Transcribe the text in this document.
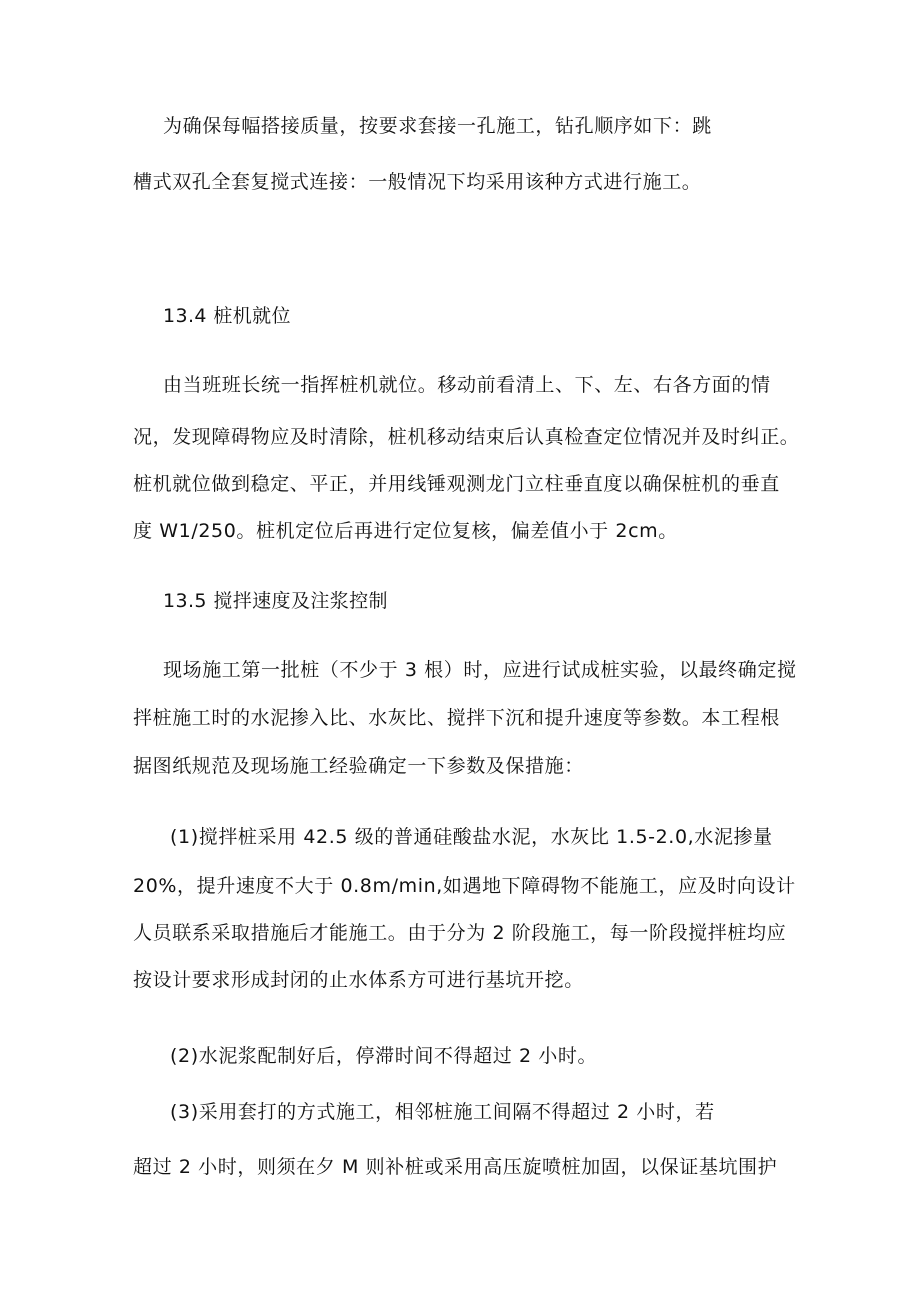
为确保每幅搭接质量，按要求套接一孔施工，钻孔顺序如下：跳
槽式双孔全套复搅式连接：一般情况下均采用该种方式进行施工。
13.4 桩机就位
由当班班长统一指挥桩机就位。移动前看清上、下、左、右各方面的情
况，发现障碍物应及时清除，桩机移动结束后认真检查定位情况并及时纠正。
桩机就位做到稳定、平正，并用线锤观测龙门立柱垂直度以确保桩机的垂直
度 W1/250。桩机定位后再进行定位复核，偏差值小于 2cm。
13.5 搅拌速度及注浆控制
现场施工第一批桩（不少于 3 根）时，应进行试成桩实验，以最终确定搅
拌桩施工时的水泥掺入比、水灰比、搅拌下沉和提升速度等参数。本工程根
据图纸规范及现场施工经验确定一下参数及保措施：
(1)搅拌桩采用 42.5 级的普通硅酸盐水泥，水灰比 1.5-2.0,水泥掺量
20%，提升速度不大于 0.8m/min,如遇地下障碍物不能施工，应及时向设计
人员联系采取措施后才能施工。由于分为 2 阶段施工，每一阶段搅拌桩均应
按设计要求形成封闭的止水体系方可进行基坑开挖。
(2)水泥浆配制好后，停滞时间不得超过 2 小时。
(3)采用套打的方式施工，相邻桩施工间隔不得超过 2 小时，若
超过 2 小时，则须在夕 M 则补桩或采用高压旋喷桩加固，以保证基坑围护
